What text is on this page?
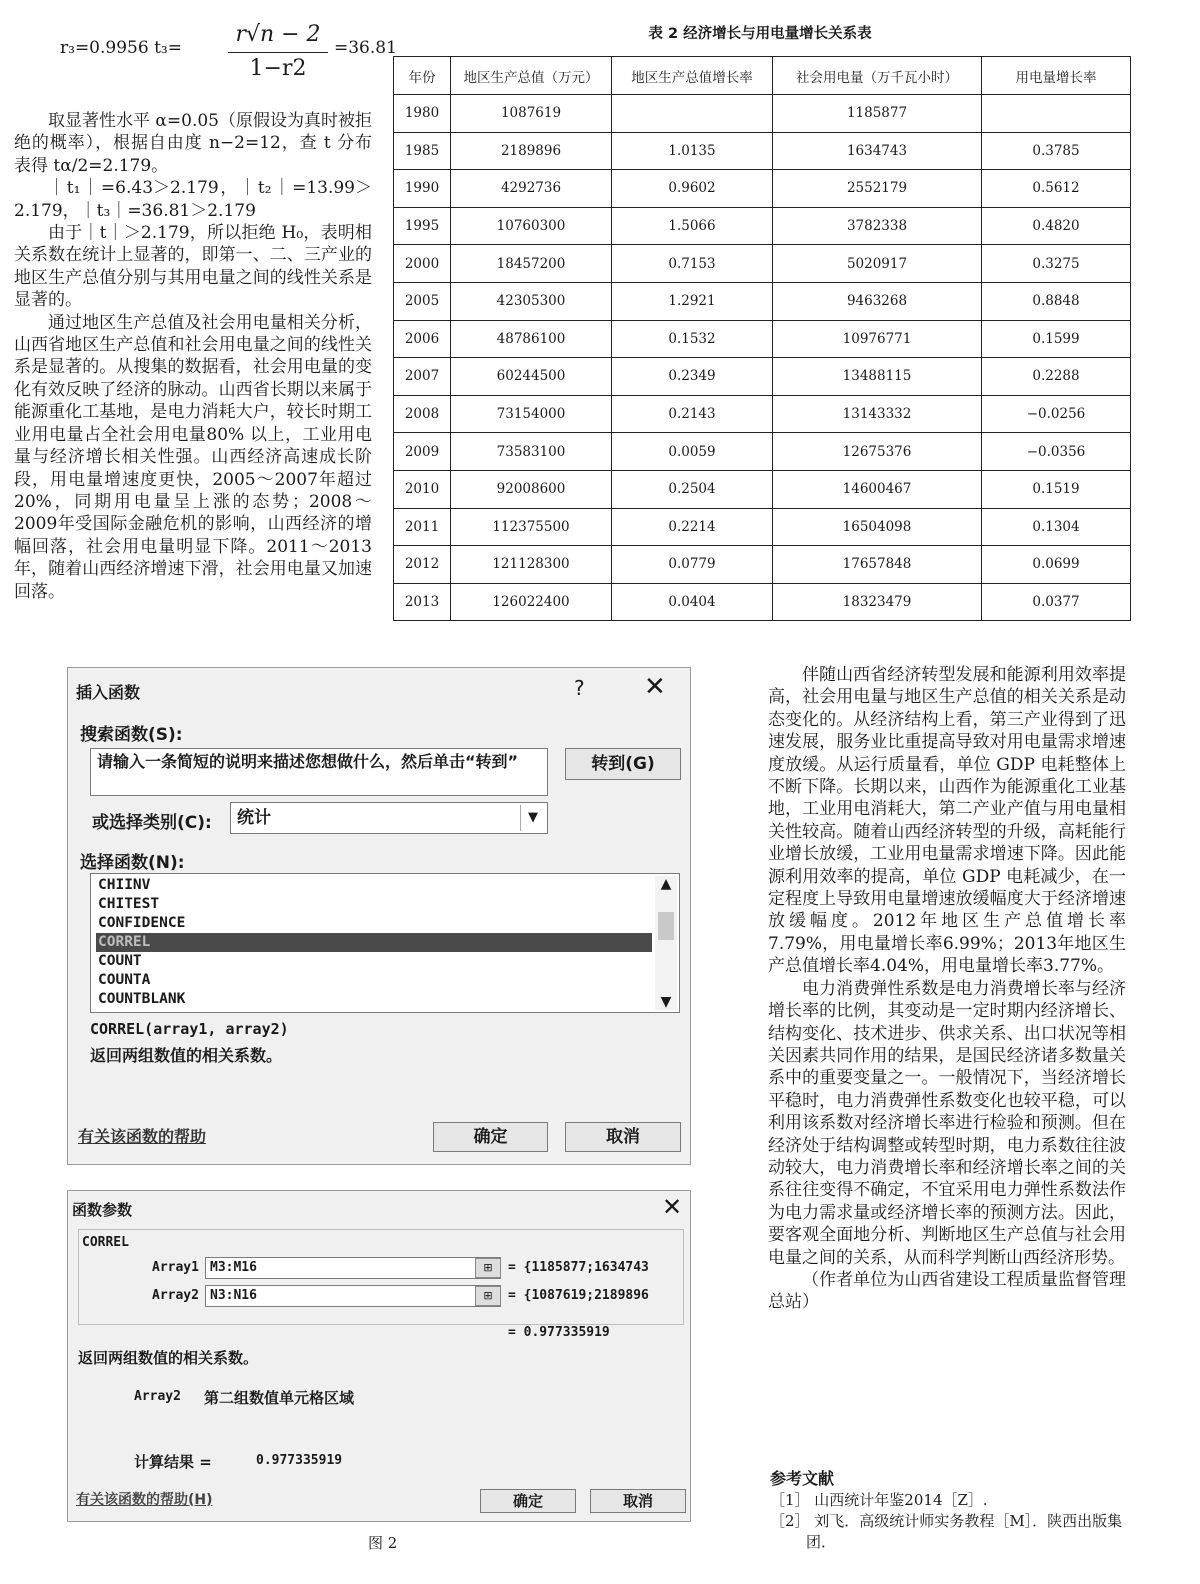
r₃=0.9956 $t_3= \frac{r√n - 2}{1-r2} =36.81$

取显著性水平 α=0.05（原假设为真时被拒绝的概率），根据自由度 n−2=12，查 t 分布表得 tα/2=2.179。

｜t₁｜=6.43＞2.179，｜t₂｜=13.99＞2.179，｜t₃｜=36.81＞2.179

由于｜t｜＞2.179，所以拒绝 H₀，表明相关系数在统计上显著的，即第一、二、三产业的地区生产总值分别与其用电量之间的线性关系是显著的。

通过地区生产总值及社会用电量相关分析，山西省地区生产总值和社会用电量之间的线性关系是显著的。从搜集的数据看，社会用电量的变化有效反映了经济的脉动。山西省长期以来属于能源重化工基地，是电力消耗大户，较长时期工业用电量占全社会用电量80% 以上，工业用电量与经济增长相关性强。山西经济高速成长阶段，用电量增速度更快，2005～2007年超过20%，同期用电量呈上涨的态势；2008～2009年受国际金融危机的影响，山西经济的增幅回落，社会用电量明显下降。2011～2013年，随着山西经济增速下滑，社会用电量又加速回落。

表 2 经济增长与用电量增长关系表
年份	地区生产总值（万元）	地区生产总值增长率	社会用电量（万千瓦小时）	用电量增长率
1980	1087619		1185877	
1985	2189896	1.0135	1634743	0.3785
1990	4292736	0.9602	2552179	0.5612
1995	10760300	1.5066	3782338	0.4820
2000	18457200	0.7153	5020917	0.3275
2005	42305300	1.2921	9463268	0.8848
2006	48786100	0.1532	10976771	0.1599
2007	60244500	0.2349	13488115	0.2288
2008	73154000	0.2143	13143332	−0.0256
2009	73583100	0.0059	12675376	−0.0356
2010	92008600	0.2504	14600467	0.1519
2011	112375500	0.2214	16504098	0.1304
2012	121128300	0.0779	17657848	0.0699
2013	126022400	0.0404	18323479	0.0377
插入函数	? ✕
搜索函数(S):
请输入一条简短的说明来描述您想做什么，然后单击“转到”	转到(G)
或选择类别(C):	统计	▼
选择函数(N):
CHIINV
CHITEST
CONFIDENCE
CORREL
COUNT
COUNTA
COUNTBLANK
▲
▼
CORREL(array1, array2)
返回两组数值的相关系数。
有关该函数的帮助	确定	取消
函数参数	✕
CORREL
Array1 M3:M16	⊞	= {1185877;1634743
Array2 N3:N16	⊞	= {1087619;2189896
= 0.977335919
返回两组数值的相关系数。
Array2 第二组数值单元格区域
计算结果 =	0.977335919
有关该函数的帮助(H)	确定	取消
图 2

伴随山西省经济转型发展和能源利用效率提高，社会用电量与地区生产总值的相关关系是动态变化的。从经济结构上看，第三产业得到了迅速发展，服务业比重提高导致对用电量需求增速度放缓。从运行质量看，单位 GDP 电耗整体上不断下降。长期以来，山西作为能源重化工业基地，工业用电消耗大，第二产业产值与用电量相关性较高。随着山西经济转型的升级，高耗能行业增长放缓，工业用电量需求增速下降。因此能源利用效率的提高，单位 GDP 电耗减少，在一定程度上导致用电量增速放缓幅度大于经济增速放缓幅度。2012年地区生产总值增长率7.79%，用电量增长率6.99%；2013年地区生产总值增长率4.04%，用电量增长率3.77%。

电力消费弹性系数是电力消费增长率与经济增长率的比例，其变动是一定时期内经济增长、结构变化、技术进步、供求关系、出口状况等相关因素共同作用的结果，是国民经济诸多数量关系中的重要变量之一。一般情况下，当经济增长平稳时，电力消费弹性系数变化也较平稳，可以利用该系数对经济增长率进行检验和预测。但在经济处于结构调整或转型时期，电力系数往往波动较大，电力消费增长率和经济增长率之间的关系往往变得不确定，不宜采用电力弹性系数法作为电力需求量或经济增长率的预测方法。因此，要客观全面地分析、判断地区生产总值与社会用电量之间的关系，从而科学判断山西经济形势。

（作者单位为山西省建设工程质量监督管理总站）

参考文献
［1］ 山西统计年鉴2014［Z］.
［2］ 刘飞．高级统计师实务教程［M］．陕西出版集团．
